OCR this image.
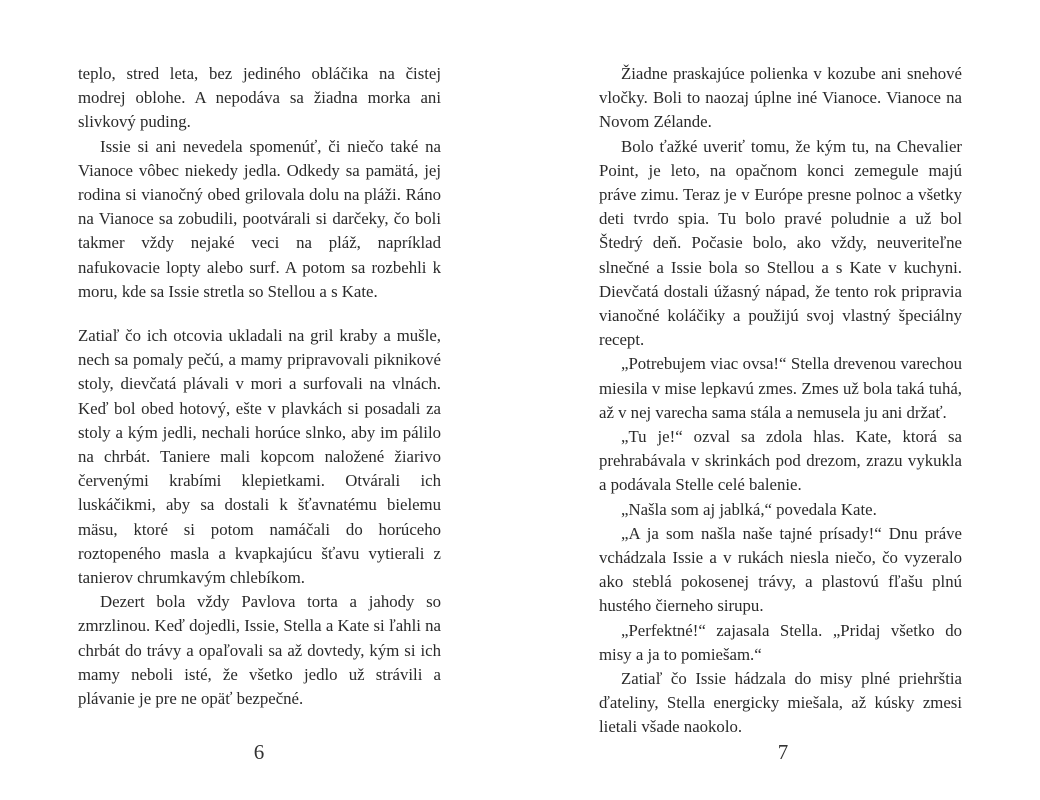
teplo, stred leta, bez jediného obláčika na čistej modrej oblohe. A nepodáva sa žiadna morka ani slivkový puding.

Issie si ani nevedela spomenúť, či niečo také na Vianoce vôbec niekedy jedla. Odkedy sa pamätá, jej rodina si vianočný obed grilovala dolu na pláži. Ráno na Vianoce sa zobudili, pootvárali si darčeky, čo boli takmer vždy nejaké veci na pláž, napríklad nafukovacie lopty alebo surf. A potom sa rozbehli k moru, kde sa Issie stretla so Stellou a s Kate.

Zatiaľ čo ich otcovia ukladali na gril kraby a mušle, nech sa pomaly pečú, a mamy pripravovali piknikové stoly, dievčatá plávali v mori a surfovali na vlnách. Keď bol obed hotový, ešte v plavkách si posadali za stoly a kým jedli, nechali horúce slnko, aby im pálilo na chrbát. Taniere mali kopcom naložené žiarivo červenými krabími klepietkami. Otvárali ich luskáčikmi, aby sa dostali k šťavnatému bielemu mäsu, ktoré si potom namáčali do horúceho roztopeného masla a kvapkajúcu šťavu vytierali z tanierov chrumkavým chlebíkom.

Dezert bola vždy Pavlova torta a jahody so zmrzlinou. Keď dojedli, Issie, Stella a Kate si ľahli na chrbát do trávy a opaľovali sa až dovtedy, kým si ich mamy neboli isté, že všetko jedlo už strávili a plávanie je pre ne opäť bezpečné.

6

Žiadne praskajúce polienka v kozube ani snehové vločky. Boli to naozaj úplne iné Vianoce. Vianoce na Novom Zélande.

Bolo ťažké uveriť tomu, že kým tu, na Chevalier Point, je leto, na opačnom konci zemegule majú práve zimu. Teraz je v Európe presne polnoc a všetky deti tvrdo spia. Tu bolo pravé poludnie a už bol Štedrý deň. Počasie bolo, ako vždy, neuveriteľne slnečné a Issie bola so Stellou a s Kate v kuchyni. Dievčatá dostali úžasný nápad, že tento rok pripravia vianočné koláčiky a použijú svoj vlastný špeciálny recept.

„Potrebujem viac ovsa!“ Stella drevenou varechou miesila v mise lepkavú zmes. Zmes už bola taká tuhá, až v nej varecha sama stála a nemusela ju ani držať.

„Tu je!“ ozval sa zdola hlas. Kate, ktorá sa prehrabávala v skrinkách pod drezom, zrazu vykukla a podávala Stelle celé balenie.

„Našla som aj jablká,“ povedala Kate.

„A ja som našla naše tajné prísady!“ Dnu práve vchádzala Issie a v rukách niesla niečo, čo vyzeralo ako steblá pokosenej trávy, a plastovú fľašu plnú hustého čierneho sirupu.

„Perfektné!“ zajasala Stella. „Pridaj všetko do misy a ja to pomiešam.“

Zatiaľ čo Issie hádzala do misy plné priehrštia ďateliny, Stella energicky miešala, až kúsky zmesi lietali všade naokolo.

7
